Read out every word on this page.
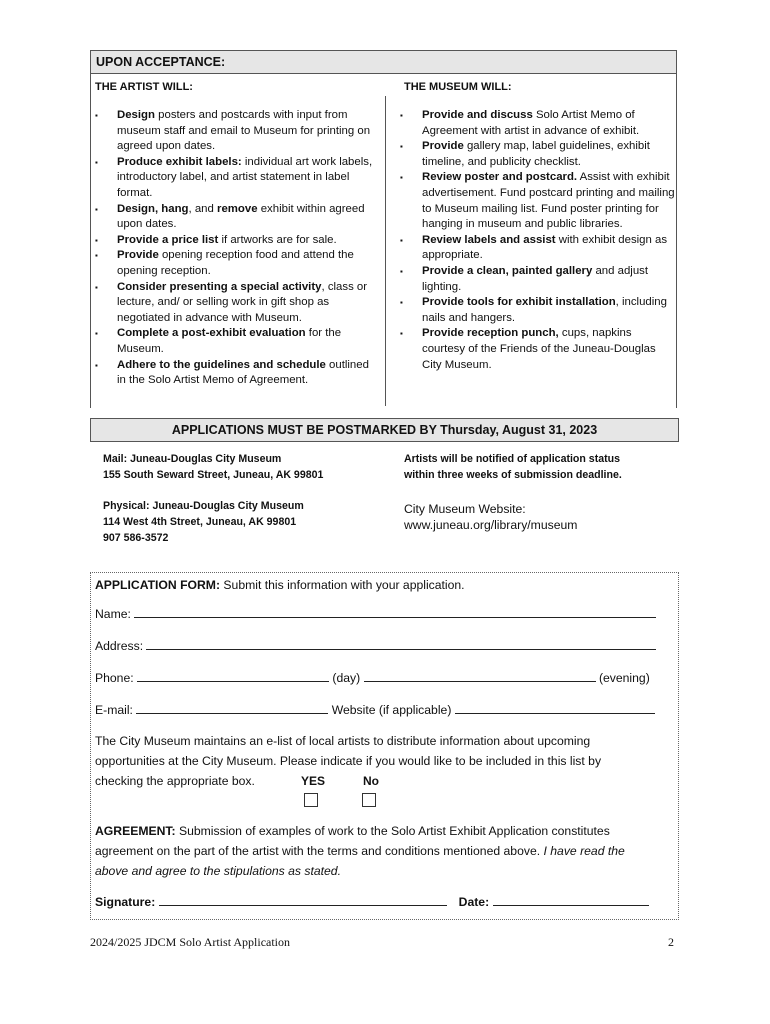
UPON ACCEPTANCE:
THE ARTIST WILL:	THE MUSEUM WILL:
▪ Design posters and postcards with input from museum staff and email to Museum for printing on agreed upon dates.
▪ Produce exhibit labels: individual art work labels, introductory label, and artist statement in label format.
▪ Design, hang, and remove exhibit within agreed upon dates.
▪ Provide a price list if artworks are for sale.
▪ Provide opening reception food and attend the opening reception.
▪ Consider presenting a special activity, class or lecture, and/ or selling work in gift shop as negotiated in advance with Museum.
▪ Complete a post-exhibit evaluation for the Museum.
▪ Adhere to the guidelines and schedule outlined in the Solo Artist Memo of Agreement.
▪ Provide and discuss Solo Artist Memo of Agreement with artist in advance of exhibit.
▪ Provide gallery map, label guidelines, exhibit timeline, and publicity checklist.
▪ Review poster and postcard. Assist with exhibit advertisement. Fund postcard printing and mailing to Museum mailing list. Fund poster printing for hanging in museum and public libraries.
▪ Review labels and assist with exhibit design as appropriate.
▪ Provide a clean, painted gallery and adjust lighting.
▪ Provide tools for exhibit installation, including nails and hangers.
▪ Provide reception punch, cups, napkins courtesy of the Friends of the Juneau-Douglas City Museum.
APPLICATIONS MUST BE POSTMARKED BY Thursday, August 31, 2023
Mail: Juneau-Douglas City Museum
155 South Seward Street, Juneau, AK 99801
Physical: Juneau-Douglas City Museum
114 West 4th Street, Juneau, AK 99801
907 586-3572
Artists will be notified of application status
within three weeks of submission deadline.
City Museum Website:
www.juneau.org/library/museum
APPLICATION FORM: Submit this information with your application.
Name:
Address:
Phone:	(day)	(evening)
E-mail:	Website (if applicable)
The City Museum maintains an e-list of local artists to distribute information about upcoming
opportunities at the City Museum. Please indicate if you would like to be included in this list by
checking the appropriate box.	YES	No
AGREEMENT: Submission of examples of work to the Solo Artist Exhibit Application constitutes
agreement on the part of the artist with the terms and conditions mentioned above. I have read the
above and agree to the stipulations as stated.
Signature:	Date:
2024/2025 JDCM Solo Artist Application	2
